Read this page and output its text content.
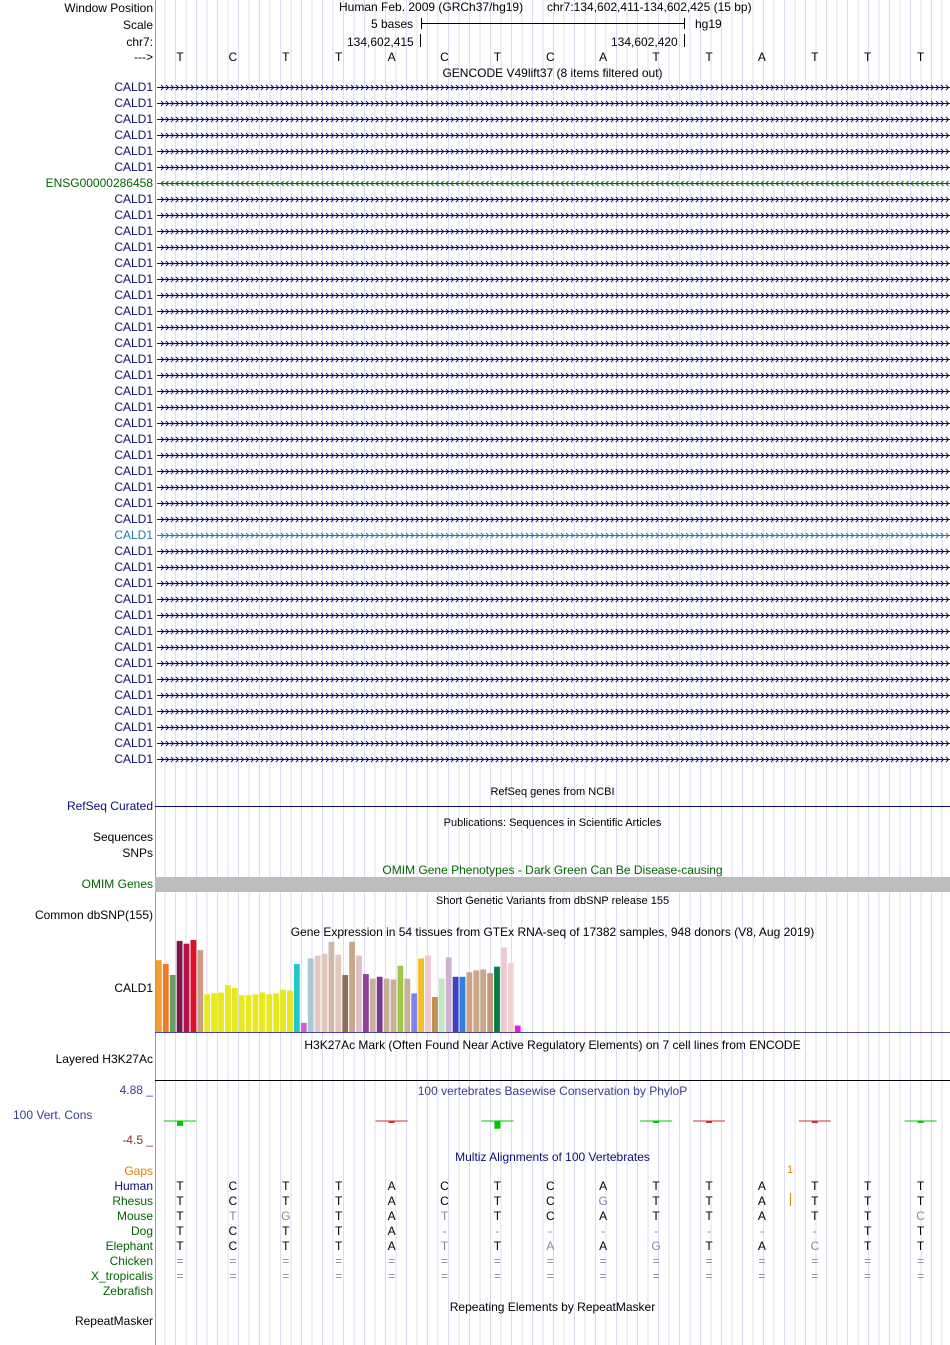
Window Position
Scale
chr7:
--->
Human Feb. 2009 (GRCh37/hg19) chr7:134,602,411-134,602,425 (15 bp)
5 bases	hg19
134,602,415	134,602,420
T	C	T	T	A	C	T	C	A	T	T	A	T	T	T
GENCODE V49lift37 (8 items filtered out)
CALD1
CALD1
CALD1
CALD1
CALD1
CALD1
ENSG00000286458
CALD1
CALD1
CALD1
CALD1
CALD1
CALD1
CALD1
CALD1
CALD1
CALD1
CALD1
CALD1
CALD1
CALD1
CALD1
CALD1
CALD1
CALD1
CALD1
CALD1
CALD1
CALD1
CALD1
CALD1
CALD1
CALD1
CALD1
CALD1
CALD1
CALD1
CALD1
CALD1
CALD1
CALD1
CALD1
CALD1
RefSeq genes from NCBI
RefSeq Curated
Publications: Sequences in Scientific Articles
Sequences
SNPs
OMIM Gene Phenotypes - Dark Green Can Be Disease-causing
OMIM Genes
Short Genetic Variants from dbSNP release 155
Common dbSNP(155)
Gene Expression in 54 tissues from GTEx RNA-seq of 17382 samples, 948 donors (V8, Aug 2019)
CALD1
H3K27Ac Mark (Often Found Near Active Regulatory Elements) on 7 cell lines from ENCODE
Layered H3K27Ac
100 vertebrates Basewise Conservation by PhyloP
4.88 _
100 Vert. Cons
-4.5 _
Multiz Alignments of 100 Vertebrates
Gaps	1
Human	T	C	T	T	A	C	T	C	A	T	T	A	T	T	T
Rhesus	T	C	T	T	A	C	T	C	G	T	T	A	T	T	T
Mouse	T	T	G	T	A	T	T	C	A	T	T	A	T	T	C
Dog	T	C	T	T	A	-	-	-	-	-	-	-	-	T	T
Elephant	T	C	T	T	A	T	T	A	A	G	T	A	C	T	T
Chicken	=	=	=	=	=	=	=	=	=	=	=	=	=	=	=
X_tropicalis	=	=	=	=	=	=	=	=	=	=	=	=	=	=	=
Zebrafish
Repeating Elements by RepeatMasker
RepeatMasker
